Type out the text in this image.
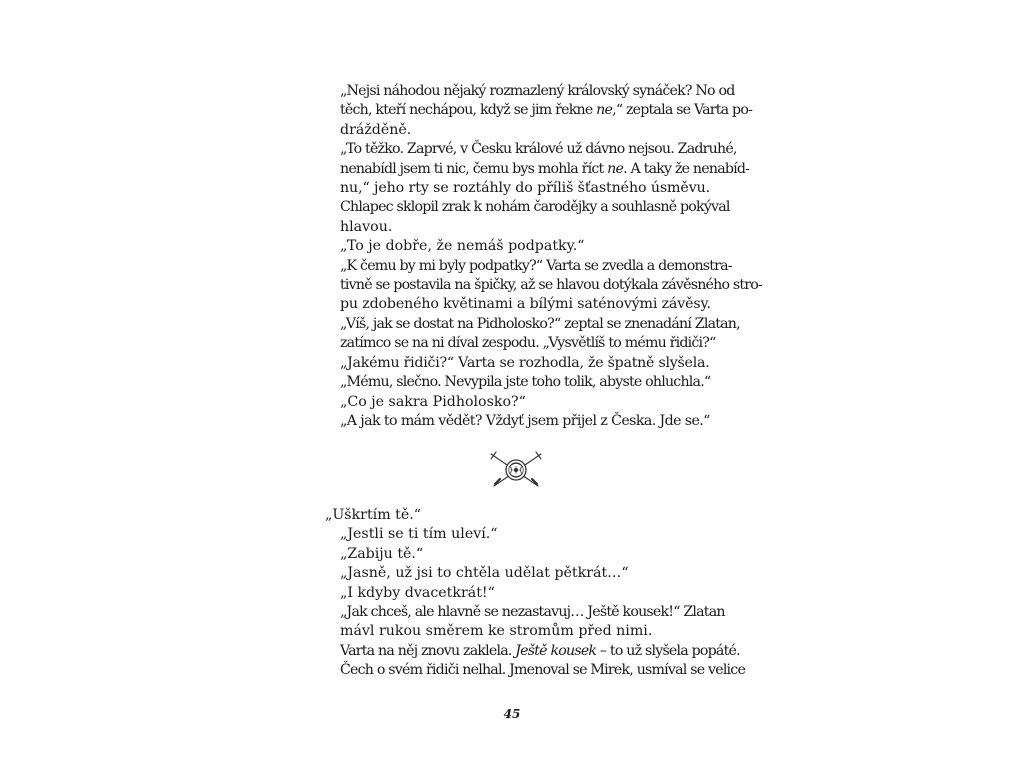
„Nejsi náhodou nějaký rozmazlený královský synáček? No od
těch, kteří nechápou, když se jim řekne ne,“ zeptala se Varta po-
drážděně.

„To těžko. Zaprvé, v Česku králové už dávno nejsou. Zadruhé,
nenabídl jsem ti nic, čemu bys mohla říct ne. A taky že nenabíd-
nu,“ jeho rty se roztáhly do příliš šťastného úsměvu.

Chlapec sklopil zrak k nohám čarodějky a souhlasně pokýval
hlavou.

„To je dobře, že nemáš podpatky.“

„K čemu by mi byly podpatky?“ Varta se zvedla a demonstra-
tivně se postavila na špičky, až se hlavou dotýkala závěsného stro-
pu zdobeného květinami a bílými saténovými závěsy.

„Víš, jak se dostat na Pidholosko?“ zeptal se znenadání Zlatan,
zatímco se na ni díval zespodu. „Vysvětlíš to mému řidiči?“

„Jakému řidiči?“ Varta se rozhodla, že špatně slyšela.

„Mému, slečno. Nevypila jste toho tolik, abyste ohluchla.“

„Co je sakra Pidholosko?“

„A jak to mám vědět? Vždyť jsem přijel z Česka. Jde se.“

„Uškrtím tě.“

„Jestli se ti tím uleví.“

„Zabiju tě.“

„Jasně, už jsi to chtěla udělat pětkrát…“

„I kdyby dvacetkrát!“

„Jak chceš, ale hlavně se nezastavuj… Ještě kousek!“ Zlatan
mávl rukou směrem ke stromům před nimi.

Varta na něj znovu zaklela. Ještě kousek – to už slyšela popáté.
Čech o svém řidiči nelhal. Jmenoval se Mirek, usmíval se velice

45
